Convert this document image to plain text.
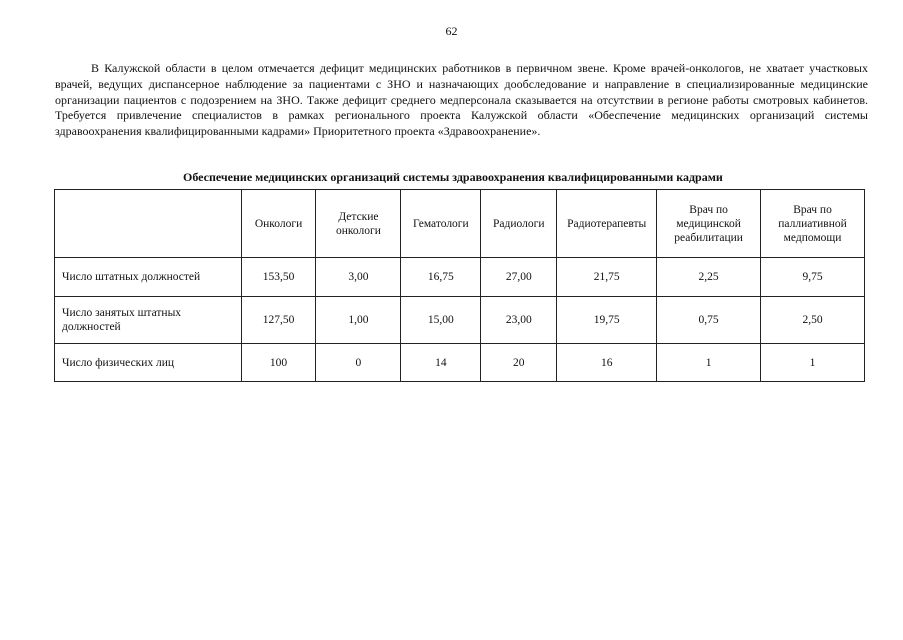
62

В Калужской области в целом отмечается дефицит медицинских работников в первичном звене. Кроме врачей-онкологов, не хватает участковых врачей, ведущих диспансерное наблюдение за пациентами с ЗНО и назначающих дообследование и направление в специализированные медицинские организации пациентов с подозрением на ЗНО. Также дефицит среднего медперсонала сказывается на отсутствии в регионе работы смотровых кабинетов. Требуется привлечение специалистов в рамках регионального проекта Калужской области «Обеспечение медицинских организаций системы здравоохранения квалифицированными кадрами» Приоритетного проекта «Здравоохранение».

Обеспечение медицинских организаций системы здравоохранения квалифицированными кадрами
	Онкологи	Детские онкологи	Гематологи	Радиологи	Радиотерапевты	Врач по медицинской реабилитации	Врач по паллиативной медпомощи
Число штатных должностей	153,50	3,00	16,75	27,00	21,75	2,25	9,75
Число занятых штатных должностей	127,50	1,00	15,00	23,00	19,75	0,75	2,50
Число физических лиц	100	0	14	20	16	1	1
